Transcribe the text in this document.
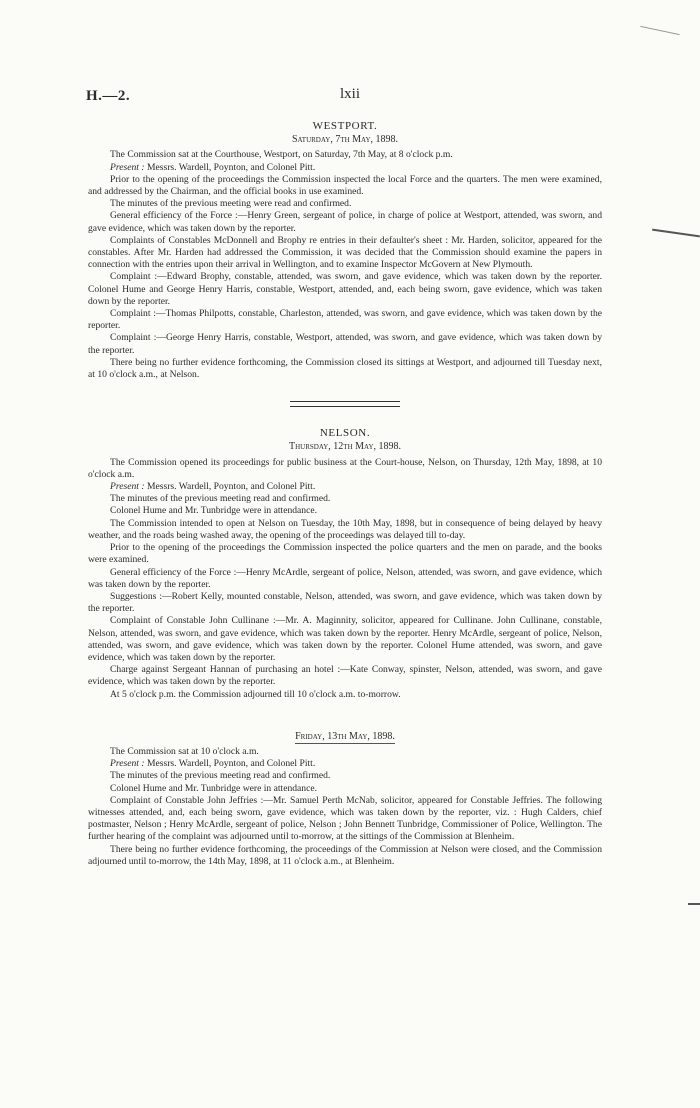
H.—2.	lxii
WESTPORT.
Saturday, 7th May, 1898.

The Commission sat at the Courthouse, Westport, on Saturday, 7th May, at 8 o'clock p.m.

Present : Messrs. Wardell, Poynton, and Colonel Pitt.

Prior to the opening of the proceedings the Commission inspected the local Force and the quarters. The men were examined, and addressed by the Chairman, and the official books in use examined.

The minutes of the previous meeting were read and confirmed.

General efficiency of the Force :—Henry Green, sergeant of police, in charge of police at Westport, attended, was sworn, and gave evidence, which was taken down by the reporter.

Complaints of Constables McDonnell and Brophy re entries in their defaulter's sheet : Mr. Harden, solicitor, appeared for the constables. After Mr. Harden had addressed the Commission, it was decided that the Commission should examine the papers in connection with the entries upon their arrival in Wellington, and to examine Inspector McGovern at New Plymouth.

Complaint :—Edward Brophy, constable, attended, was sworn, and gave evidence, which was taken down by the reporter. Colonel Hume and George Henry Harris, constable, Westport, attended, and, each being sworn, gave evidence, which was taken down by the reporter.

Complaint :—Thomas Philpotts, constable, Charleston, attended, was sworn, and gave evidence, which was taken down by the reporter.

Complaint :—George Henry Harris, constable, Westport, attended, was sworn, and gave evidence, which was taken down by the reporter.

There being no further evidence forthcoming, the Commission closed its sittings at Westport, and adjourned till Tuesday next, at 10 o'clock a.m., at Nelson.

NELSON.
Thursday, 12th May, 1898.

The Commission opened its proceedings for public business at the Court-house, Nelson, on Thursday, 12th May, 1898, at 10 o'clock a.m.

Present : Messrs. Wardell, Poynton, and Colonel Pitt.

The minutes of the previous meeting read and confirmed.

Colonel Hume and Mr. Tunbridge were in attendance.

The Commission intended to open at Nelson on Tuesday, the 10th May, 1898, but in consequence of being delayed by heavy weather, and the roads being washed away, the opening of the proceedings was delayed till to-day.

Prior to the opening of the proceedings the Commission inspected the police quarters and the men on parade, and the books were examined.

General efficiency of the Force :—Henry McArdle, sergeant of police, Nelson, attended, was sworn, and gave evidence, which was taken down by the reporter.

Suggestions :—Robert Kelly, mounted constable, Nelson, attended, was sworn, and gave evidence, which was taken down by the reporter.

Complaint of Constable John Cullinane :—Mr. A. Maginnity, solicitor, appeared for Cullinane. John Cullinane, constable, Nelson, attended, was sworn, and gave evidence, which was taken down by the reporter. Henry McArdle, sergeant of police, Nelson, attended, was sworn, and gave evidence, which was taken down by the reporter. Colonel Hume attended, was sworn, and gave evidence, which was taken down by the reporter.

Charge against Sergeant Hannan of purchasing an hotel :—Kate Conway, spinster, Nelson, attended, was sworn, and gave evidence, which was taken down by the reporter.

At 5 o'clock p.m. the Commission adjourned till 10 o'clock a.m. to-morrow.

Friday, 13th May, 1898.

The Commission sat at 10 o'clock a.m.

Present : Messrs. Wardell, Poynton, and Colonel Pitt.

The minutes of the previous meeting read and confirmed.

Colonel Hume and Mr. Tunbridge were in attendance.

Complaint of Constable John Jeffries :—Mr. Samuel Perth McNab, solicitor, appeared for Constable Jeffries. The following witnesses attended, and, each being sworn, gave evidence, which was taken down by the reporter, viz. : Hugh Calders, chief postmaster, Nelson ; Henry McArdle, sergeant of police, Nelson ; John Bennett Tunbridge, Commissioner of Police, Wellington. The further hearing of the complaint was adjourned until to-morrow, at the sittings of the Commission at Blenheim.

There being no further evidence forthcoming, the proceedings of the Commission at Nelson were closed, and the Commission adjourned until to-morrow, the 14th May, 1898, at 11 o'clock a.m., at Blenheim.
